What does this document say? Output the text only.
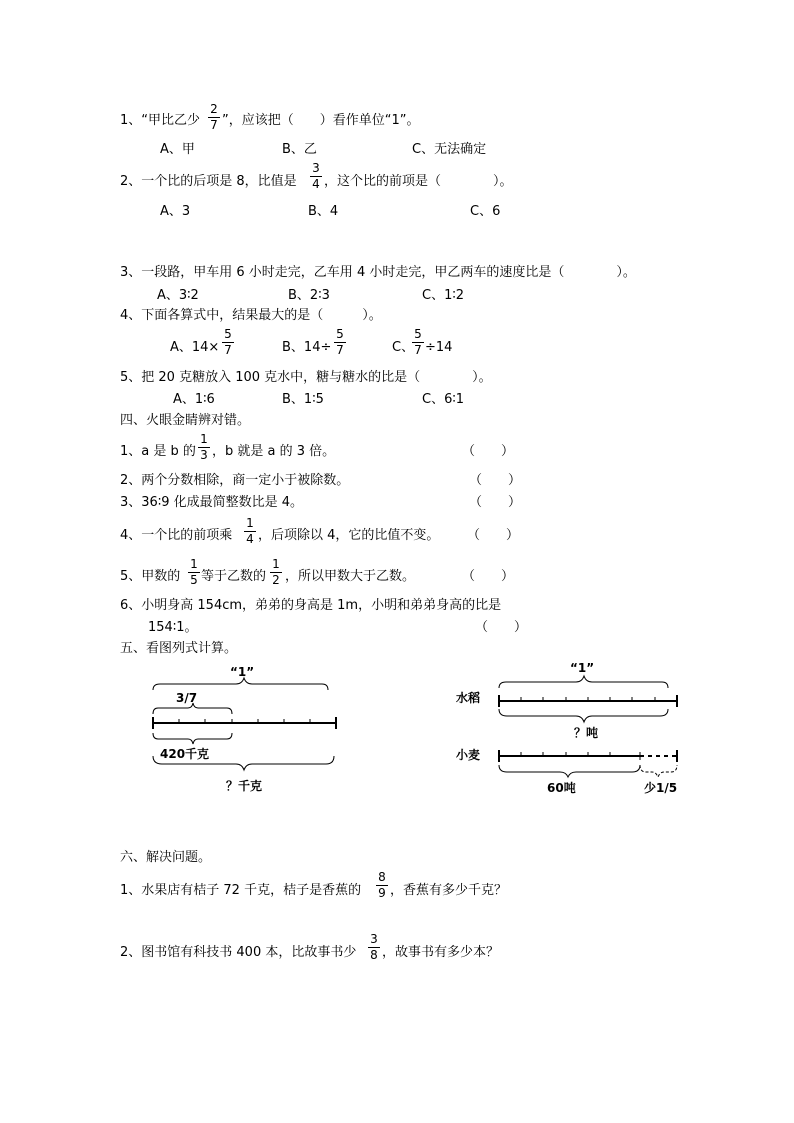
1、“甲比乙少
2
7 ”，应该把（　　）看作单位“1”。
A、甲	B、乙	C、无法确定
2、一个比的后项是 8，比值是
3
4 ，这个比的前项是（　　　　）。
A、3	B、4	C、6
3、一段路，甲车用 6 小时走完，乙车用 4 小时走完，甲乙两车的速度比是（　　　　）。
A、3∶2	B、2∶3	C、1∶2
4、下面各算式中，结果最大的是（　　　）。
A、14×
5
7	B、14÷
5
7	C、
5
7 ÷14
5、把 20 克糖放入 100 克水中，糖与糖水的比是（　　　　）。
A、1∶6	B、1∶5	C、6∶1
四、火眼金睛辨对错。
1、a 是 b 的
1
3 ，b 就是 a 的 3 倍。	（　　）
2、两个分数相除，商一定小于被除数。	（　　）
3、36∶9 化成最简整数比是 4。	（　　）
4、一个比的前项乘
1
4 ，后项除以 4，它的比值不变。 （　　）
5、甲数的
1
5 等于乙数的
1
2 ，所以甲数大于乙数。	（　　）
6、小明身高 154cm，弟弟的身高是 1m，小明和弟弟身高的比是
154∶1。	（　　）
五、看图列式计算。
“1”
3/7
420千克
？千克
“1”
水稻
？吨
小麦
60吨	少1/5
六、解决问题。
1、水果店有桔子 72 千克，桔子是香蕉的
8
9 ，香蕉有多少千克？
2、图书馆有科技书 400 本，比故事书少
3
8 ，故事书有多少本？
